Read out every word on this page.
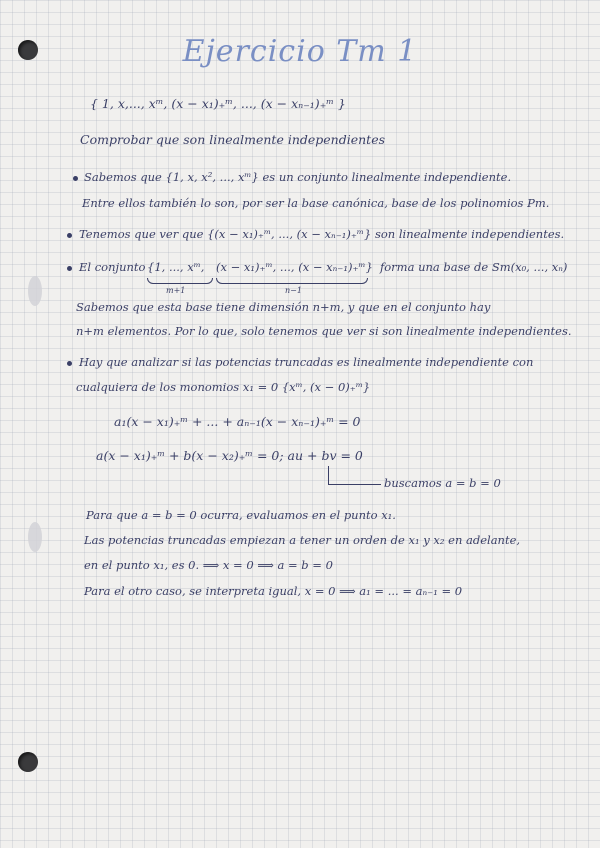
Ejercicio Tm 1
{ 1, x,..., xᵐ, (x − x₁)₊ᵐ, ..., (x − xₙ₋₁)₊ᵐ }
Comprobar que son linealmente independientes
Sabemos que {1, x, x², ..., xᵐ} es un conjunto linealmente independiente.
Entre ellos también lo son, por ser la base canónica, base de los polinomios Pm.
Tenemos que ver que {(x − x₁)₊ᵐ, ..., (x − xₙ₋₁)₊ᵐ} son linealmente independientes.
El conjunto {1, ..., xᵐ,
m+1
(x − x₁)₊ᵐ, ..., (x − xₙ₋₁)₊ᵐ}
n−1
forma una base de Sm(x₀, ..., xₙ)
Sabemos que esta base tiene dimensión n+m, y que en el conjunto hay
n+m elementos. Por lo que, solo tenemos que ver si son linealmente independientes.
Hay que analizar si las potencias truncadas es linealmente independiente con
cualquiera de los monomios x₁ = 0 {xᵐ, (x − 0)₊ᵐ}
a₁(x − x₁)₊ᵐ + ... + aₙ₋₁(x − xₙ₋₁)₊ᵐ = 0
a(x − x₁)₊ᵐ + b(x − x₂)₊ᵐ = 0; au + bv = 0
buscamos a = b = 0
Para que a = b = 0 ocurra, evaluamos en el punto x₁.
Las potencias truncadas empiezan a tener un orden de x₁ y x₂ en adelante,
en el punto x₁, es 0. ⟹ x = 0 ⟹ a = b = 0
Para el otro caso, se interpreta igual, x = 0 ⟹ a₁ = ... = aₙ₋₁ = 0
